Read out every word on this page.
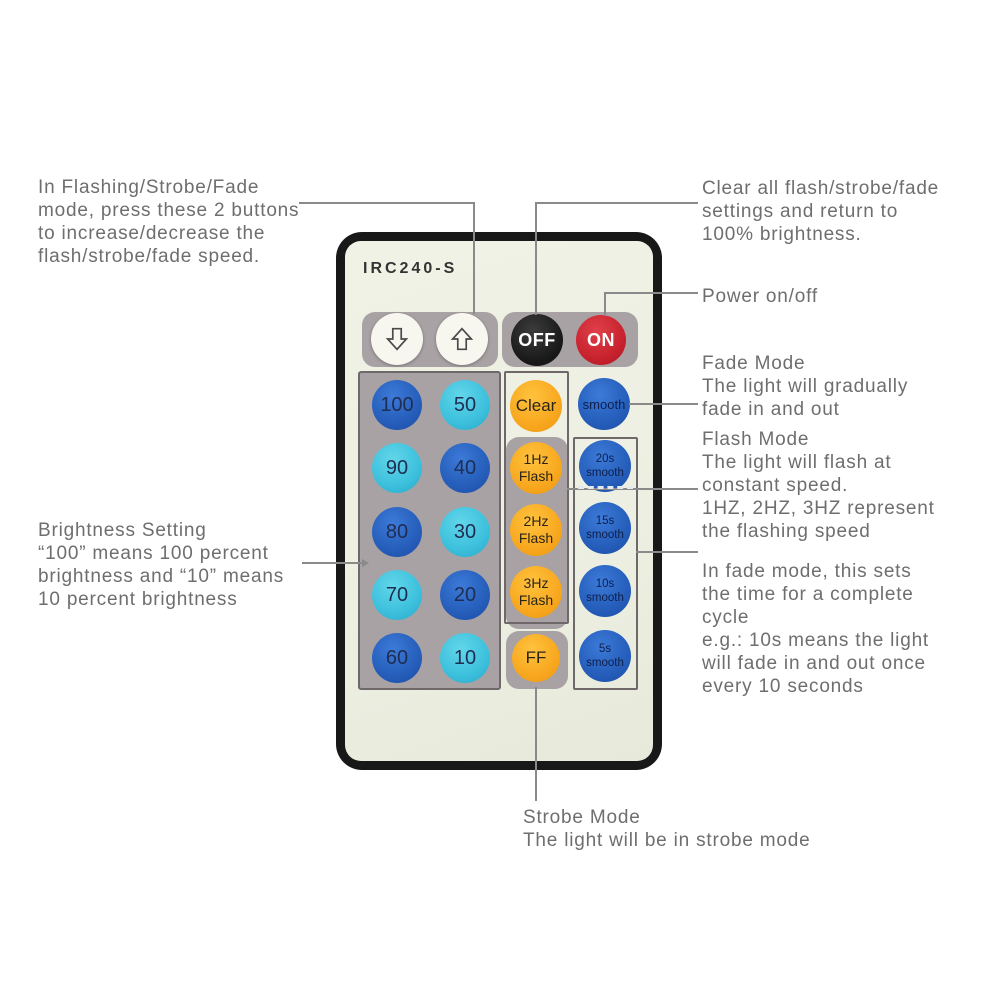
IRC240-S
OFF ON
100 50
90 40
80 30
70 20
60 10
Clear
1Hz
Flash
2Hz
Flash
3Hz
Flash
FF
smooth
20s
smooth
15s
smooth
10s
smooth
5s
smooth
In Flashing/Strobe/Fade
mode, press these 2 buttons
to increase/decrease the
flash/strobe/fade speed.
Clear all flash/strobe/fade
settings and return to
100% brightness.
Power on/off
Fade Mode
The light will gradually
fade in and out
Flash Mode
The light will flash at
constant speed.
1HZ, 2HZ, 3HZ represent
the flashing speed
In fade mode, this sets
the time for a complete
cycle
e.g.: 10s means the light
will fade in and out once
every 10 seconds
Brightness Setting
“100” means 100 percent
brightness and “10” means
10 percent brightness
Strobe Mode
The light will be in strobe mode
